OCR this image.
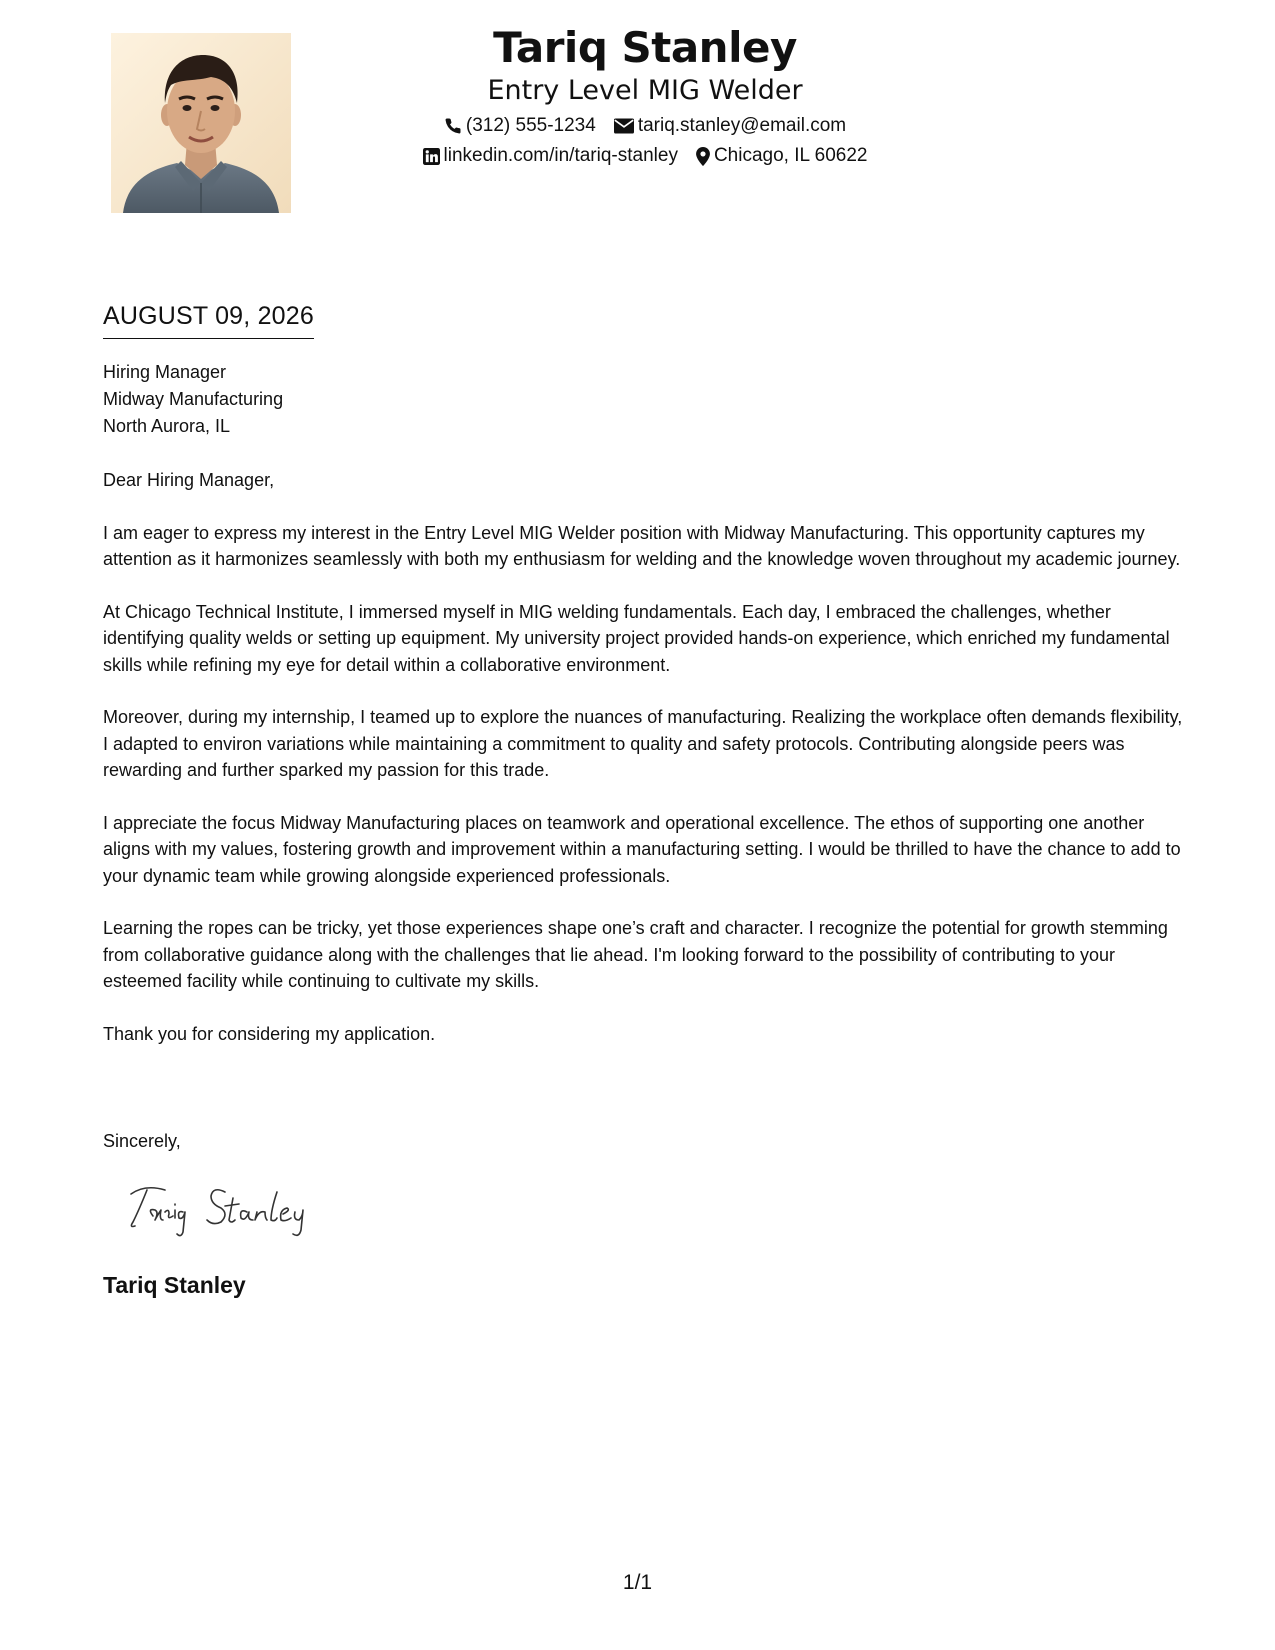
Tariq Stanley
Entry Level MIG Welder
(312) 555-1234 tariq.stanley@email.com
linkedin.com/in/tariq-stanley Chicago, IL 60622
AUGUST 09, 2026
Hiring Manager
Midway Manufacturing
North Aurora, IL

Dear Hiring Manager,

I am eager to express my interest in the Entry Level MIG Welder position with Midway Manufacturing. This opportunity captures my attention as it harmonizes seamlessly with both my enthusiasm for welding and the knowledge woven throughout my academic journey.

At Chicago Technical Institute, I immersed myself in MIG welding fundamentals. Each day, I embraced the challenges, whether identifying quality welds or setting up equipment. My university project provided hands-on experience, which enriched my fundamental skills while refining my eye for detail within a collaborative environment.

Moreover, during my internship, I teamed up to explore the nuances of manufacturing. Realizing the workplace often demands flexibility, I adapted to environ variations while maintaining a commitment to quality and safety protocols. Contributing alongside peers was rewarding and further sparked my passion for this trade.

I appreciate the focus Midway Manufacturing places on teamwork and operational excellence. The ethos of supporting one another aligns with my values, fostering growth and improvement within a manufacturing setting. I would be thrilled to have the chance to add to your dynamic team while growing alongside experienced professionals.

Learning the ropes can be tricky, yet those experiences shape one’s craft and character. I recognize the potential for growth stemming from collaborative guidance along with the challenges that lie ahead. I'm looking forward to the possibility of contributing to your esteemed facility while continuing to cultivate my skills.

Thank you for considering my application.

Sincerely,
Tariq Stanley
1/1
